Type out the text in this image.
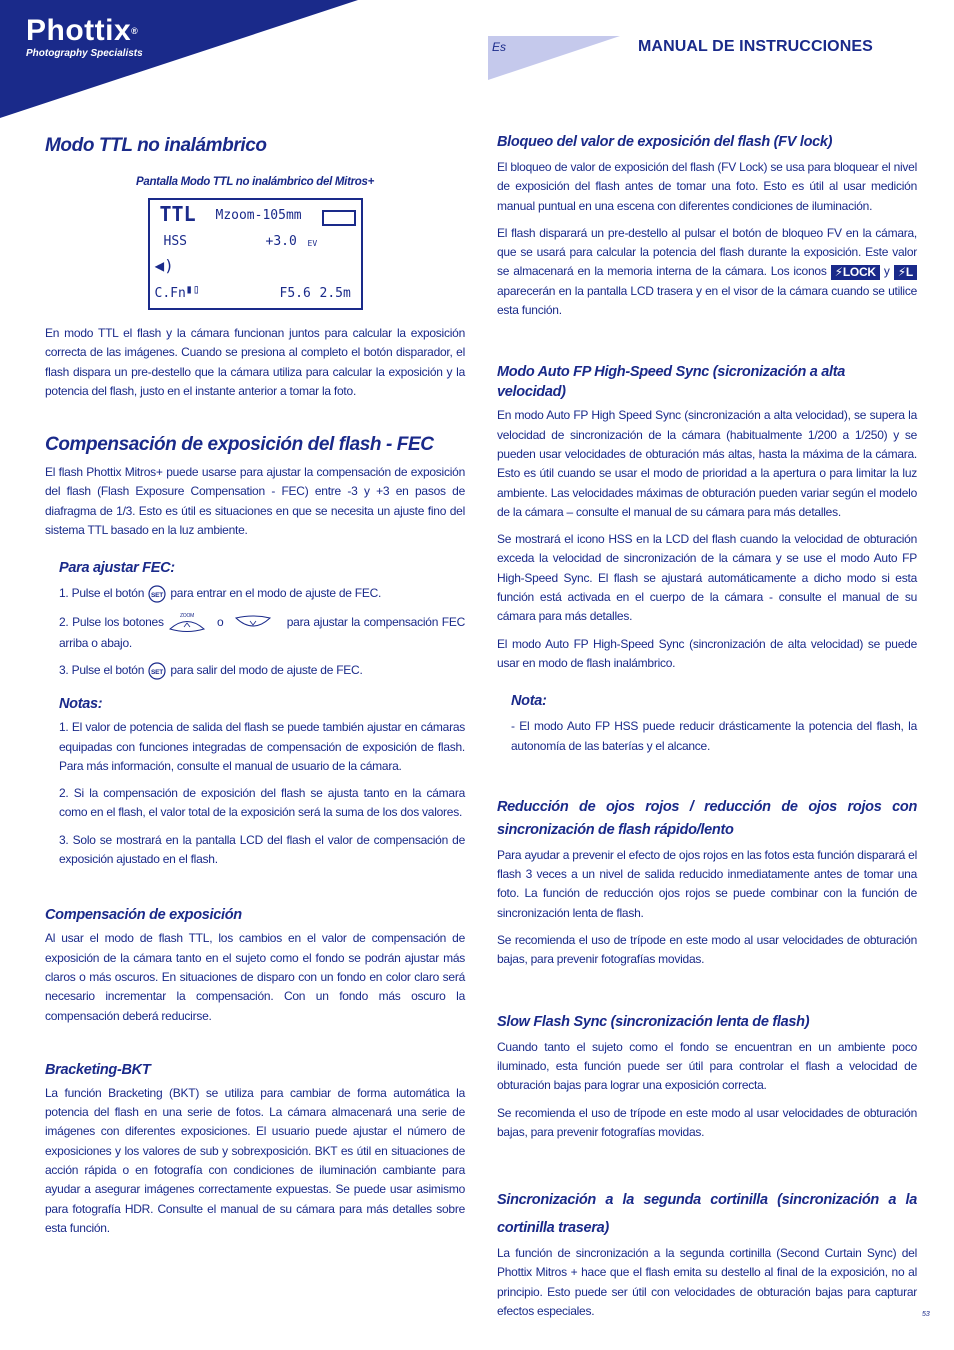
Phottix®
Photography Specialists	Es	MANUAL DE INSTRUCCIONES
Modo TTL no inalámbrico
Pantalla Modo TTL no inalámbrico del Mitros+
TTL Mzoom-105mm
HSS	+3.0 EV
◀)
C.Fn ▮▯	F5.6 2.5m

En modo TTL el flash y la cámara funcionan juntos para calcular la exposición correcta de las imágenes. Cuando se presiona al completo el botón disparador, el flash dispara un pre-destello que la cámara utiliza para calcular la exposición y la potencia del flash, justo en el instante anterior a tomar la foto.

Compensación de exposición del flash - FEC

El flash Phottix Mitros+ puede usarse para ajustar la compensación de exposición del flash (Flash Exposure Compensation - FEC) entre -3 y +3 en pasos de diafragma de 1/3. Esto es útil es situaciones en que se necesita un ajuste fino del sistema TTL basado en la luz ambiente.

Para ajustar FEC:

1. Pulse el botón SET para entrar en el modo de ajuste de FEC.

2. Pulse los botones	ZOOM o	para ajustar la compensación FEC arriba o abajo.

3. Pulse el botón SET para salir del modo de ajuste de FEC.

Notas:

1. El valor de potencia de salida del flash se puede también ajustar en cámaras equipadas con funciones integradas de compensación de exposición de flash. Para más información, consulte el manual de usuario de la cámara.

2. Si la compensación de exposición del flash se ajusta tanto en la cámara como en el flash, el valor total de la exposición será la suma de los dos valores.

3. Solo se mostrará en la pantalla LCD del flash el valor de compensación de exposición ajustado en el flash.

Compensación de exposición

Al usar el modo de flash TTL, los cambios en el valor de compensación de exposición de la cámara tanto en el sujeto como el fondo se podrán ajustar más claros o más oscuros. En situaciones de disparo con un fondo en color claro será necesario incrementar la compensación. Con un fondo más oscuro la compensación deberá reducirse.

Bracketing-BKT

La función Bracketing (BKT) se utiliza para cambiar de forma automática la potencia del flash en una serie de fotos. La cámara almacenará una serie de imágenes con diferentes exposiciones. El usuario puede ajustar el número de exposiciones y los valores de sub y sobrexposición. BKT es útil en situaciones de acción rápida o en fotografía con condiciones de iluminación cambiante para ayudar a asegurar imágenes correctamente expuestas. Se puede usar asimismo para fotografía HDR. Consulte el manual de su cámara para más detalles sobre esta función.

Bloqueo del valor de exposición del flash (FV lock)

El bloqueo de valor de exposición del flash (FV Lock) se usa para bloquear el nivel de exposición del flash antes de tomar una foto. Esto es útil al usar medición manual puntual en una escena con diferentes condiciones de iluminación.

El flash disparará un pre-destello al pulsar el botón de bloqueo FV en la cámara, que se usará para calcular la potencia del flash durante la exposición. Este valor se almacenará en la memoria interna de la cámara. Los iconos ⚡LOCK y ⚡L aparecerán en la pantalla LCD trasera y en el visor de la cámara cuando se utilice esta función.

Modo Auto FP High-Speed Sync (sicronización a alta velocidad)

En modo Auto FP High Speed Sync (sincronización a alta velocidad), se supera la velocidad de sincronización de la cámara (habitualmente 1/200 a 1/250) y se pueden usar velocidades de obturación más altas, hasta la máxima de la cámara. Esto es útil cuando se usar el modo de prioridad a la apertura o para limitar la luz ambiente. Las velocidades máximas de obturación pueden variar según el modelo de la cámara – consulte el manual de su cámara para más detalles.

Se mostrará el icono HSS en la LCD del flash cuando la velocidad de obturación exceda la velocidad de sincronización de la cámara y se use el modo Auto FP High-Speed Sync. El flash se ajustará automáticamente a dicho modo si esta función está activada en el cuerpo de la cámara - consulte el manual de su cámara para más detalles.

El modo Auto FP High-Speed Sync (sincronización de alta velocidad) se puede usar en modo de flash inalámbrico.

Nota:

- El modo Auto FP HSS puede reducir drásticamente la potencia del flash, la autonomía de las baterías y el alcance.

Reducción de ojos rojos / reducción de ojos rojos con sincronización de flash rápido/lento

Para ayudar a prevenir el efecto de ojos rojos en las fotos esta función disparará el flash 3 veces a un nivel de salida reducido inmediatamente antes de tomar una foto. La función de reducción ojos rojos se puede combinar con la función de sincronización lenta de flash.

Se recomienda el uso de trípode en este modo al usar velocidades de obturación bajas, para prevenir fotografías movidas.

Slow Flash Sync (sincronización lenta de flash)

Cuando tanto el sujeto como el fondo se encuentran en un ambiente poco iluminado, esta función puede ser útil para controlar el flash a velocidad de obturación bajas para lograr una exposición correcta.

Se recomienda el uso de trípode en este modo al usar velocidades de obturación bajas, para prevenir fotografías movidas.

Sincronización a la segunda cortinilla (sincronización a la cortinilla trasera)

La función de sincronización a la segunda cortinilla (Second Curtain Sync) del Phottix Mitros + hace que el flash emita su destello al final de la exposición, no al principio. Esto puede ser útil con velocidades de obturación bajas para capturar efectos especiales.	53
